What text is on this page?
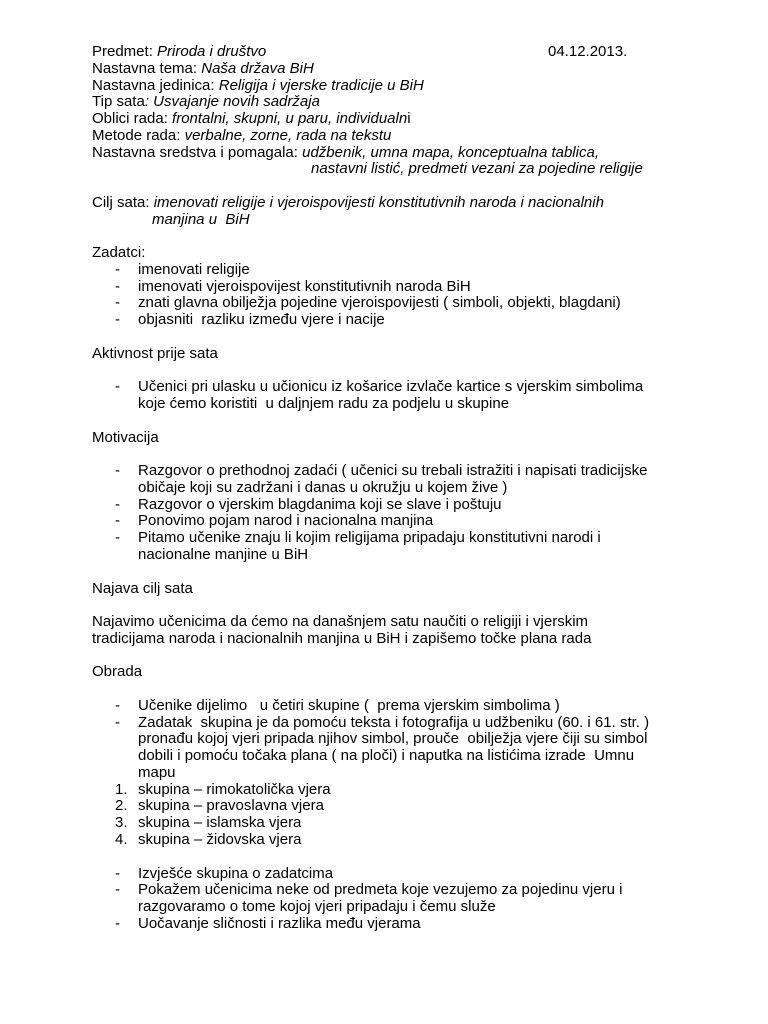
Predmet: Priroda i društvo	04.12.2013.
Nastavna tema: Naša država BiH
Nastavna jedinica: Religija i vjerske tradicije u BiH
Tip sata: Usvajanje novih sadržaja
Oblici rada: frontalni, skupni, u paru, individualni
Metode rada: verbalne, zorne, rada na tekstu
Nastavna sredstva i pomagala: udžbenik, umna mapa, konceptualna tablica,
nastavni listić, predmeti vezani za pojedine religije
Cilj sata: imenovati religije i vjeroispovijesti konstitutivnih naroda i nacionalnih
manjina u  BiH
Zadatci:
- imenovati religije
- imenovati vjeroispovijest konstitutivnih naroda BiH
- znati glavna obilježja pojedine vjeroispovijesti ( simboli, objekti, blagdani)
- objasniti  razliku između vjere i nacije
Aktivnost prije sata
- Učenici pri ulasku u učionicu iz košarice izvlače kartice s vjerskim simbolima
koje ćemo koristiti  u daljnjem radu za podjelu u skupine
Motivacija
- Razgovor o prethodnoj zadaći ( učenici su trebali istražiti i napisati tradicijske
običaje koji su zadržani i danas u okružju u kojem žive )
- Razgovor o vjerskim blagdanima koji se slave i poštuju
- Ponovimo pojam narod i nacionalna manjina
- Pitamo učenike znaju li kojim religijama pripadaju konstitutivni narodi i
nacionalne manjine u BiH
Najava cilj sata
Najavimo učenicima da ćemo na današnjem satu naučiti o religiji i vjerskim
tradicijama naroda i nacionalnih manjina u BiH i zapišemo točke plana rada
Obrada
- Učenike dijelimo   u četiri skupine (  prema vjerskim simbolima )
- Zadatak  skupina je da pomoću teksta i fotografija u udžbeniku (60. i 61. str. )
pronađu kojoj vjeri pripada njihov simbol, prouče  obilježja vjere čiji su simbol
dobili i pomoću točaka plana ( na ploči) i naputka na listićima izrade  Umnu
mapu
1. skupina – rimokatolička vjera
2. skupina – pravoslavna vjera
3. skupina – islamska vjera
4. skupina – židovska vjera
- Izvješće skupina o zadatcima
- Pokažem učenicima neke od predmeta koje vezujemo za pojedinu vjeru i
razgovaramo o tome kojoj vjeri pripadaju i čemu služe
- Uočavanje sličnosti i razlika među vjerama
